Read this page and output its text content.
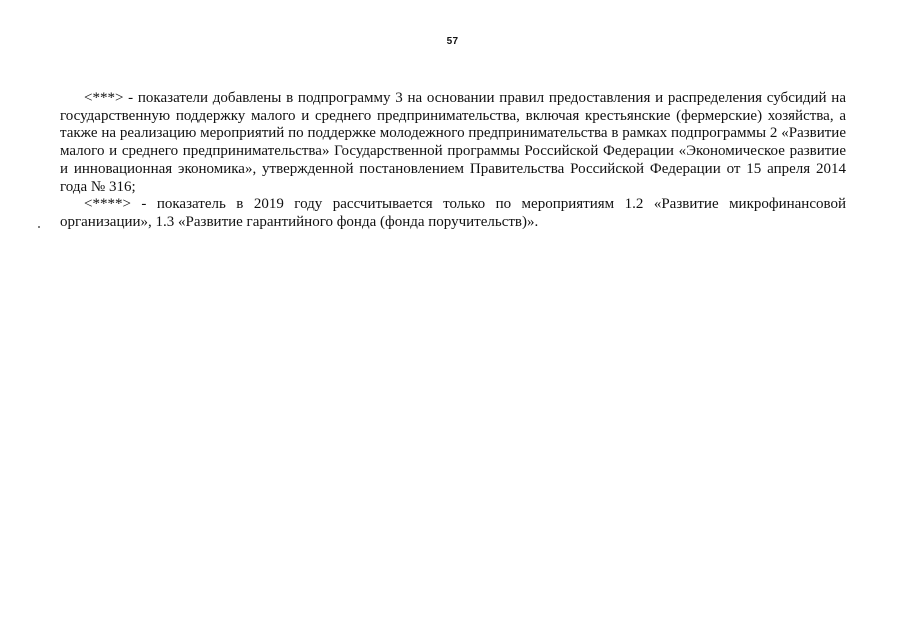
57

<***> - показатели добавлены в подпрограмму 3 на основании правил предоставления и распределения субсидий на государственную поддержку малого и среднего предпринимательства, включая крестьянские (фермерские) хозяйства, а также на реализацию мероприятий по поддержке молодежного предпринимательства в рамках подпрограммы 2 «Развитие малого и среднего предпринимательства» Государственной программы Российской Федерации «Экономическое развитие и инновационная экономика», утвержденной постановлением Правительства Российской Федерации от 15 апреля 2014 года № 316;

<****> - показатель в 2019 году рассчитывается только по мероприятиям 1.2 «Развитие микрофинансовой организации», 1.3 «Развитие гарантийного фонда (фонда поручительств)».
